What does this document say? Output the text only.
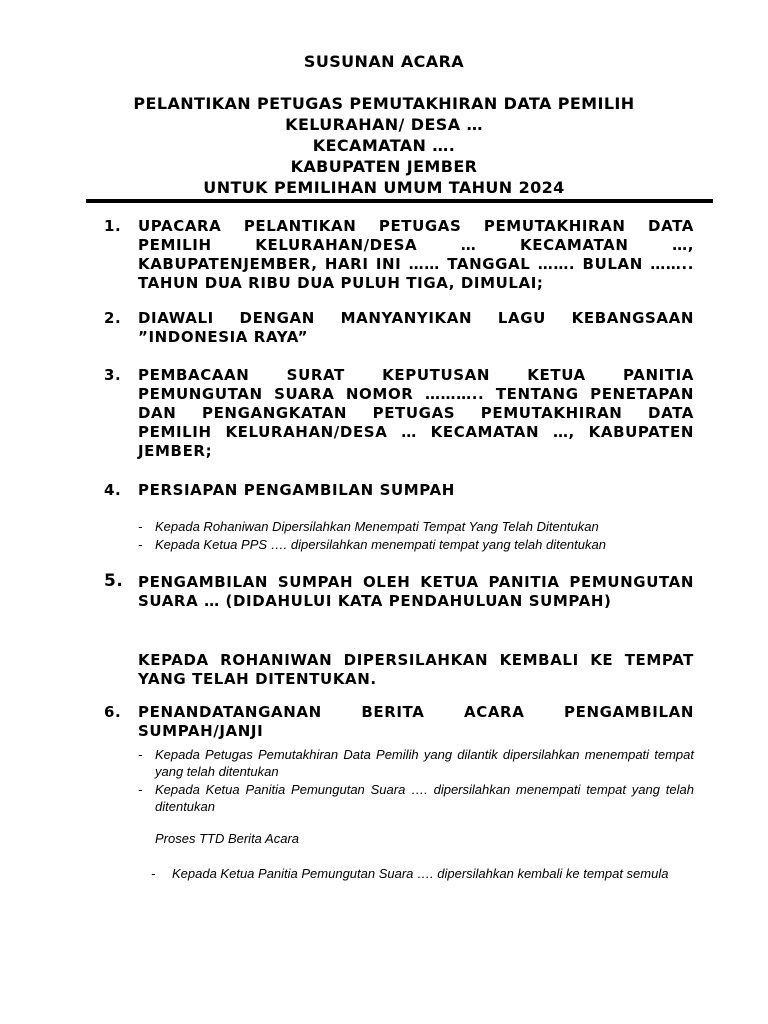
SUSUNAN ACARA
PELANTIKAN PETUGAS PEMUTAKHIRAN DATA PEMILIH
KELURAHAN/ DESA …
KECAMATAN ….
KABUPATEN JEMBER
UNTUK PEMILIHAN UMUM TAHUN 2024
1. UPACARA PELANTIKAN PETUGAS PEMUTAKHIRAN DATA PEMILIH KELURAHAN/DESA … KECAMATAN …, KABUPATENJEMBER, HARI INI …… TANGGAL ……. BULAN …….. TAHUN DUA RIBU DUA PULUH TIGA, DIMULAI;
2. DIAWALI DENGAN MANYANYIKAN LAGU KEBANGSAAN ”INDONESIA RAYA”
3. PEMBACAAN SURAT KEPUTUSAN KETUA PANITIA PEMUNGUTAN SUARA NOMOR ……….. TENTANG PENETAPAN DAN PENGANGKATAN PETUGAS PEMUTAKHIRAN DATA PEMILIH KELURAHAN/DESA … KECAMATAN …, KABUPATEN JEMBER;
4. PERSIAPAN PENGAMBILAN SUMPAH
- Kepada Rohaniwan Dipersilahkan Menempati Tempat Yang Telah Ditentukan
- Kepada Ketua PPS …. dipersilahkan menempati tempat yang telah ditentukan
5. PENGAMBILAN SUMPAH OLEH KETUA PANITIA PEMUNGUTAN SUARA … (DIDAHULUI KATA PENDAHULUAN SUMPAH)
KEPADA ROHANIWAN DIPERSILAHKAN KEMBALI KE TEMPAT YANG TELAH DITENTUKAN.
6. PENANDATANGANAN BERITA ACARA PENGAMBILAN SUMPAH/JANJI
- Kepada Petugas Pemutakhiran Data Pemilih yang dilantik dipersilahkan menempati tempat yang telah ditentukan
- Kepada Ketua Panitia Pemungutan Suara …. dipersilahkan menempati tempat yang telah ditentukan
Proses TTD Berita Acara
- Kepada Ketua Panitia Pemungutan Suara …. dipersilahkan kembali ke tempat semula
